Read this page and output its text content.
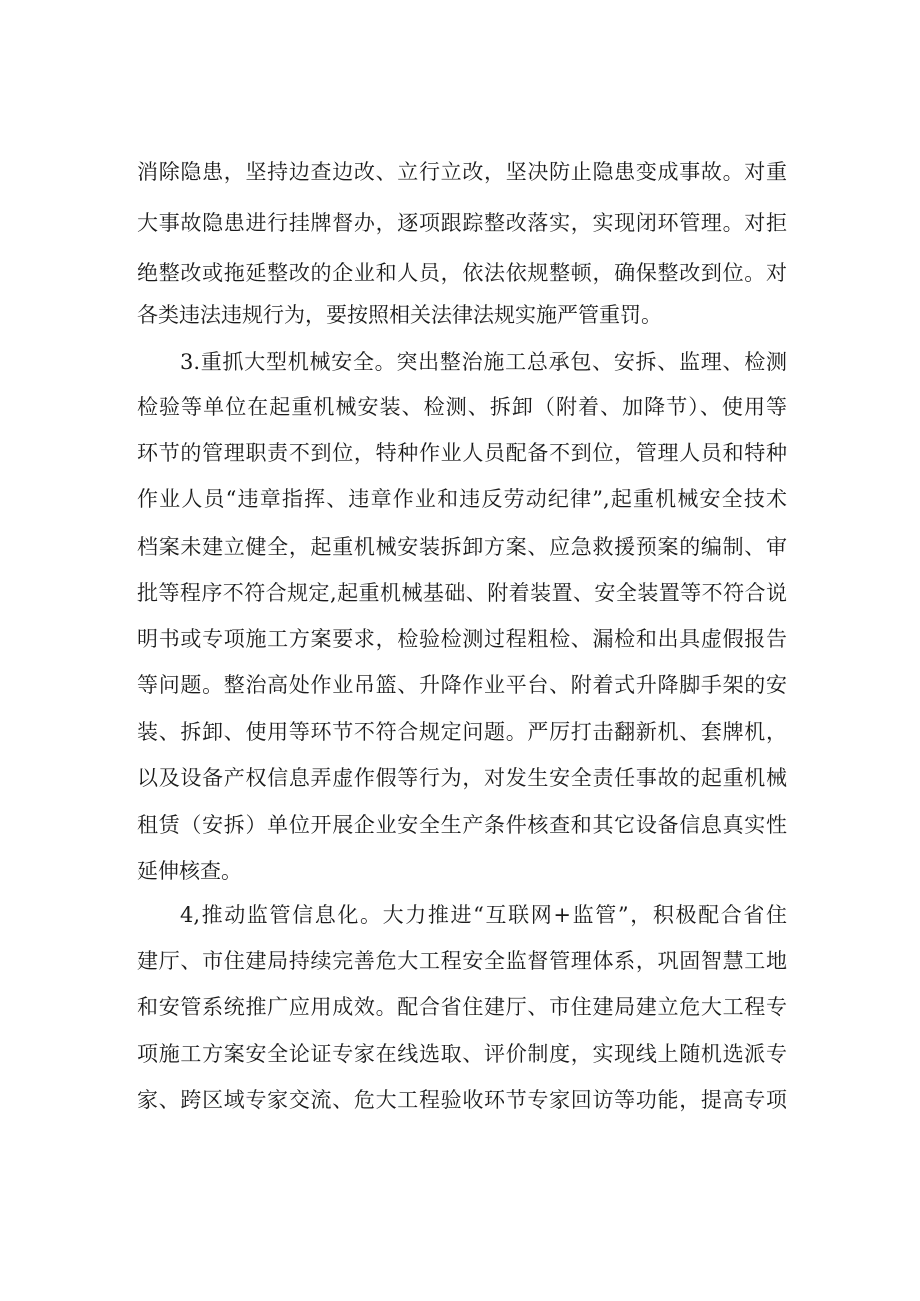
消除隐患，坚持边查边改、立行立改，坚决防止隐患变成事故。对重
大事故隐患进行挂牌督办，逐项跟踪整改落实，实现闭环管理。对拒
绝整改或拖延整改的企业和人员，依法依规整顿，确保整改到位。对
各类违法违规行为，要按照相关法律法规实施严管重罚。
3.重抓大型机械安全。突出整治施工总承包、安拆、监理、检测
检验等单位在起重机械安装、检测、拆卸（附着、加降节）、使用等
环节的管理职责不到位，特种作业人员配备不到位，管理人员和特种
作业人员“违章指挥、违章作业和违反劳动纪律”,起重机械安全技术
档案未建立健全，起重机械安装拆卸方案、应急救援预案的编制、审
批等程序不符合规定,起重机械基础、附着装置、安全装置等不符合说
明书或专项施工方案要求，检验检测过程粗检、漏检和出具虚假报告
等问题。整治高处作业吊篮、升降作业平台、附着式升降脚手架的安
装、拆卸、使用等环节不符合规定问题。严厉打击翻新机、套牌机，
以及设备产权信息弄虚作假等行为，对发生安全责任事故的起重机械
租赁（安拆）单位开展企业安全生产条件核查和其它设备信息真实性
延伸核查。
4,推动监管信息化。大力推进“互联网+监管”，积极配合省住
建厅、市住建局持续完善危大工程安全监督管理体系，巩固智慧工地
和安管系统推广应用成效。配合省住建厅、市住建局建立危大工程专
项施工方案安全论证专家在线选取、评价制度，实现线上随机选派专
家、跨区域专家交流、危大工程验收环节专家回访等功能，提高专项
